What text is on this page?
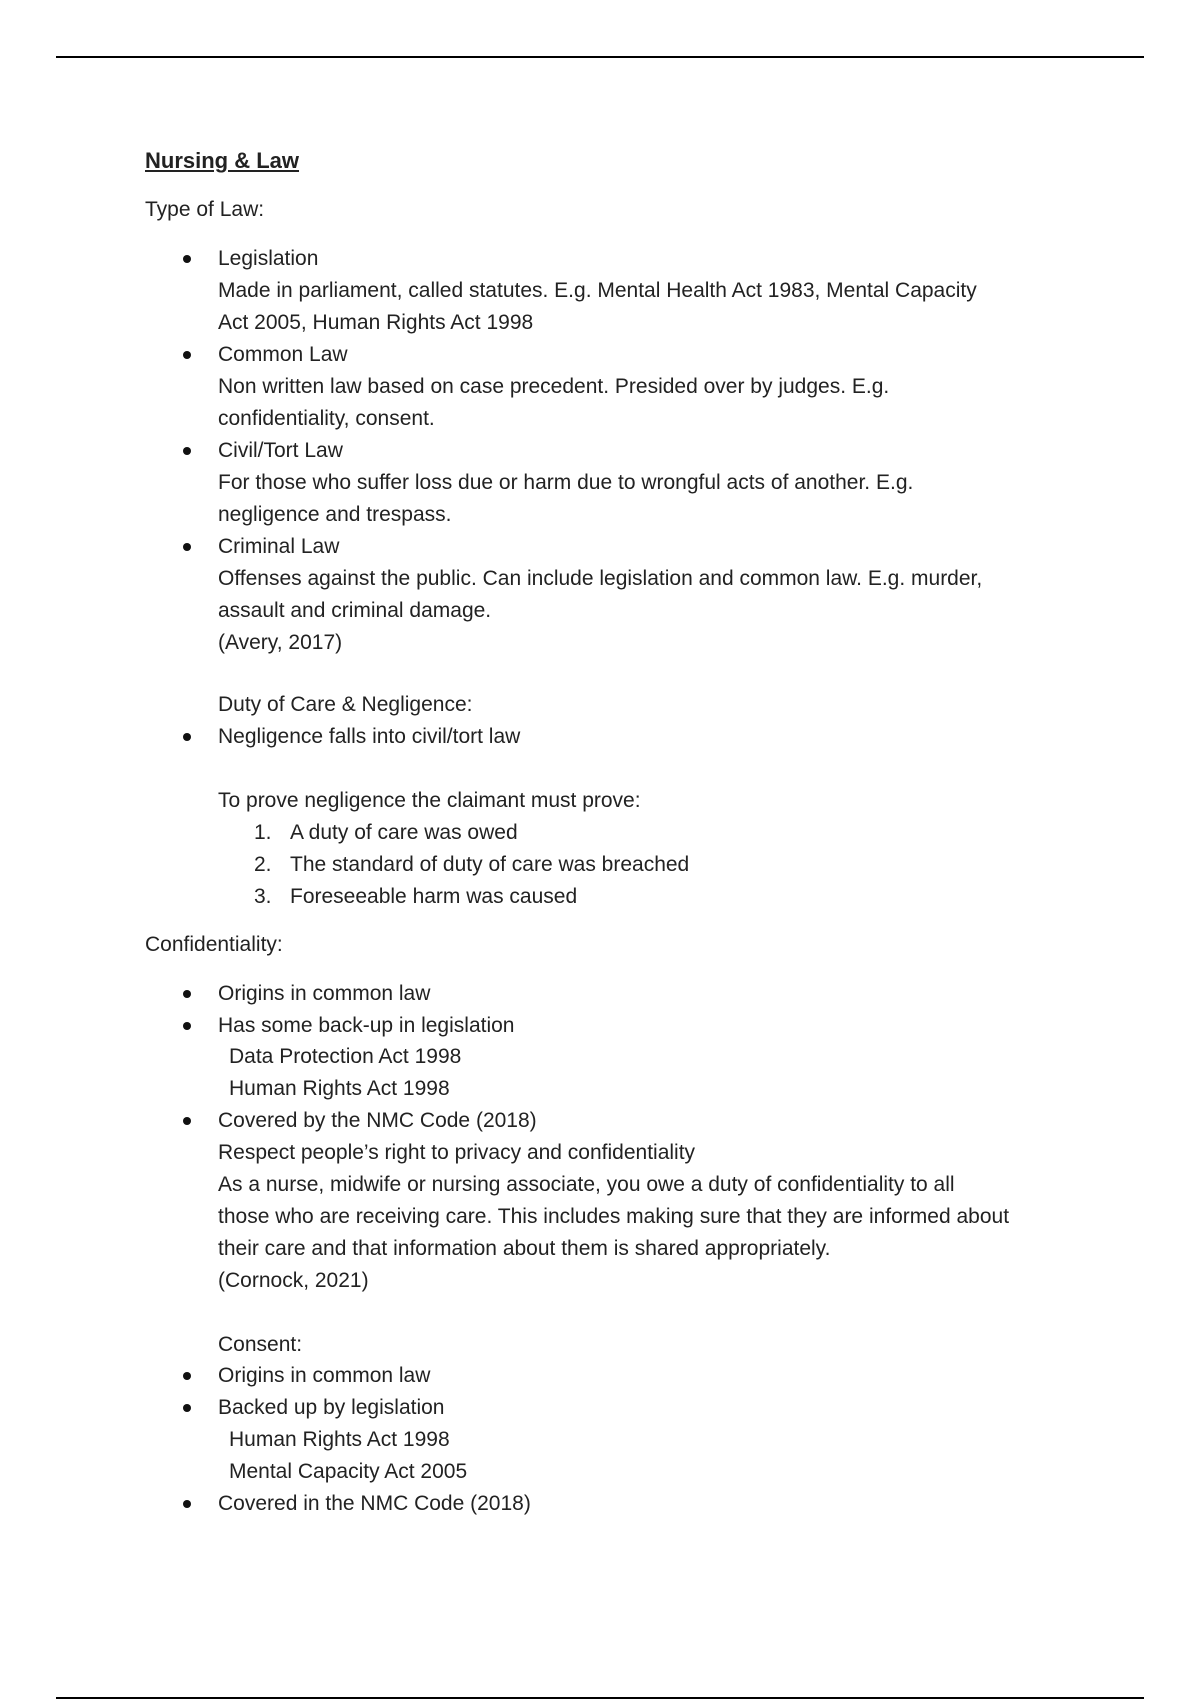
Nursing & Law
Type of Law:
Legislation
Made in parliament, called statutes. E.g. Mental Health Act 1983, Mental Capacity
Act 2005, Human Rights Act 1998
Common Law
Non written law based on case precedent. Presided over by judges. E.g.
confidentiality, consent.
Civil/Tort Law
For those who suffer loss due or harm due to wrongful acts of another. E.g.
negligence and trespass.
Criminal Law
Offenses against the public. Can include legislation and common law. E.g. murder,
assault and criminal damage.
(Avery, 2017)
Duty of Care & Negligence:
Negligence falls into civil/tort law
To prove negligence the claimant must prove:
1. A duty of care was owed
2. The standard of duty of care was breached
3. Foreseeable harm was caused
Confidentiality:
Origins in common law
Has some back-up in legislation
Data Protection Act 1998
Human Rights Act 1998
Covered by the NMC Code (2018)
Respect people’s right to privacy and confidentiality
As a nurse, midwife or nursing associate, you owe a duty of confidentiality to all
those who are receiving care. This includes making sure that they are informed about
their care and that information about them is shared appropriately.
(Cornock, 2021)
Consent:
Origins in common law
Backed up by legislation
Human Rights Act 1998
Mental Capacity Act 2005
Covered in the NMC Code (2018)
